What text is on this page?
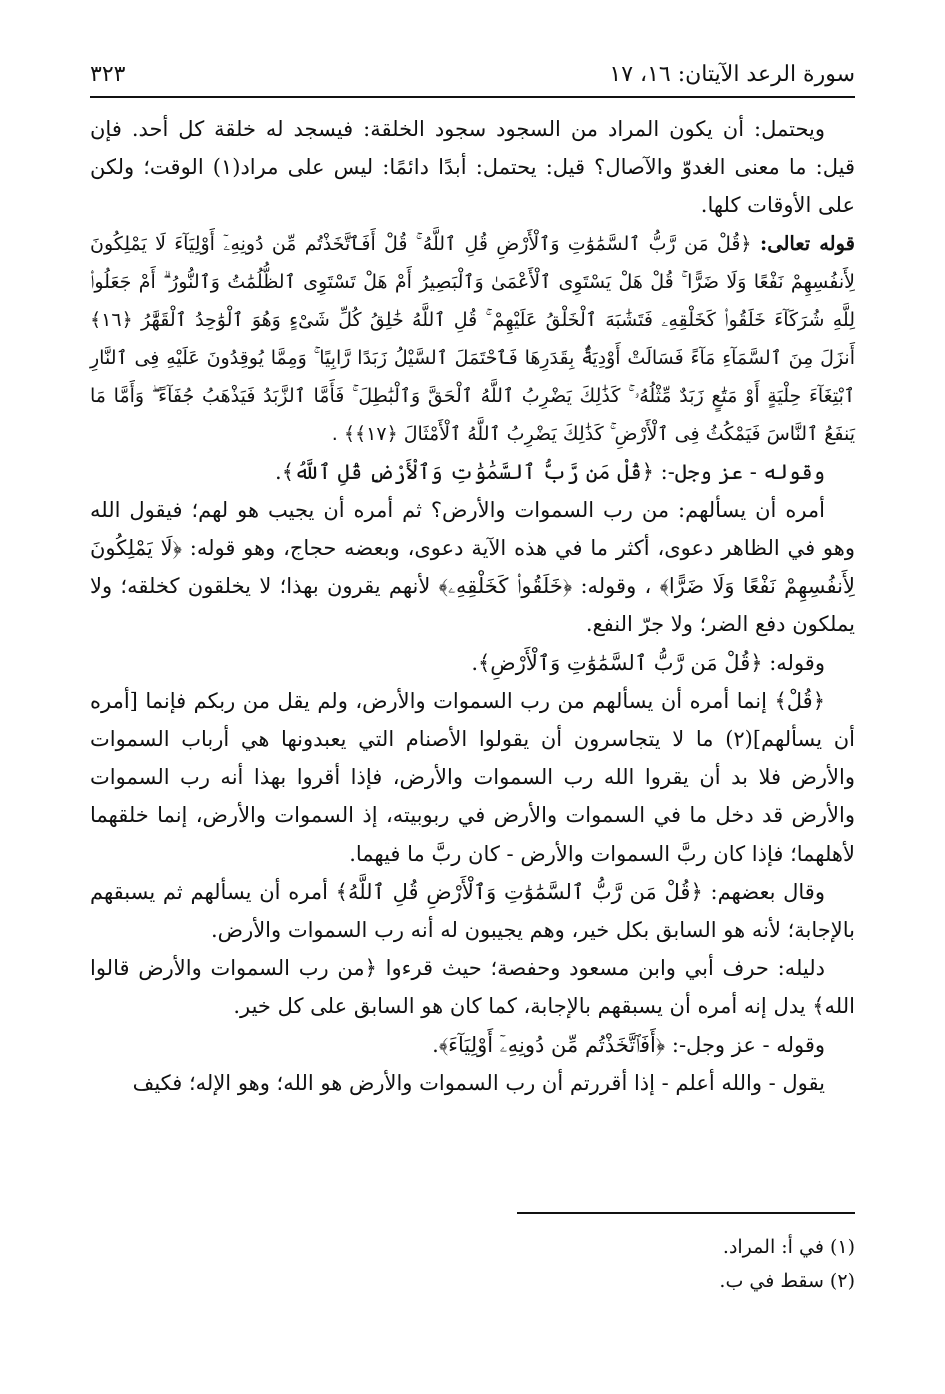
سورة الرعد الآيتان: ١٦، ١٧
٣٢٣

ويحتمل: أن يكون المراد من السجود سجود الخلقة: فيسجد له خلقة كل أحد. فإن قيل: ما معنى الغدوّ والآصال؟ قيل: يحتمل: أبدًا دائمًا: ليس على مراد(١) الوقت؛ ولكن على الأوقات كلها.

قوله تعالى: ﴿قُلْ مَن رَّبُّ ٱلسَّمَٰوَٰتِ وَٱلْأَرْضِ قُلِ ٱللَّهُ ۚ قُلْ أَفَٱتَّخَذْتُم مِّن دُونِهِۦٓ أَوْلِيَآءَ لَا يَمْلِكُونَ لِأَنفُسِهِمْ نَفْعًا وَلَا ضَرًّا ۚ قُلْ هَلْ يَسْتَوِى ٱلْأَعْمَىٰ وَٱلْبَصِيرُ أَمْ هَلْ تَسْتَوِى ٱلظُّلُمَٰتُ وَٱلنُّورُ ۗ أَمْ جَعَلُوا۟ لِلَّهِ شُرَكَآءَ خَلَقُوا۟ كَخَلْقِهِۦ فَتَشَٰبَهَ ٱلْخَلْقُ عَلَيْهِمْ ۚ قُلِ ٱللَّهُ خَٰلِقُ كُلِّ شَىْءٍ وَهُوَ ٱلْوَٰحِدُ ٱلْقَهَّٰرُ ﴿١٦﴾ أَنزَلَ مِنَ ٱلسَّمَآءِ مَآءً فَسَالَتْ أَوْدِيَةٌۢ بِقَدَرِهَا فَٱحْتَمَلَ ٱلسَّيْلُ زَبَدًا رَّابِيًا ۚ وَمِمَّا يُوقِدُونَ عَلَيْهِ فِى ٱلنَّارِ ٱبْتِغَآءَ حِلْيَةٍ أَوْ مَتَٰعٍ زَبَدٌ مِّثْلُهُۥ ۚ كَذَٰلِكَ يَضْرِبُ ٱللَّهُ ٱلْحَقَّ وَٱلْبَٰطِلَ ۚ فَأَمَّا ٱلزَّبَدُ فَيَذْهَبُ جُفَآءً ۖ وَأَمَّا مَا يَنفَعُ ٱلنَّاسَ فَيَمْكُثُ فِى ٱلْأَرْضِ ۚ كَذَٰلِكَ يَضْرِبُ ٱللَّهُ ٱلْأَمْثَالَ ﴿١٧﴾﴾ .

وقوله - عز وجل-: ﴿قُلْ مَن رَّبُّ ٱلسَّمَٰوَٰتِ وَٱلْأَرْضِ قُلِ ٱللَّهُ﴾.

أمره أن يسألهم: من رب السموات والأرض؟ ثم أمره أن يجيب هو لهم؛ فيقول الله وهو في الظاهر دعوى، أكثر ما في هذه الآية دعوى، وبعضه حجاج، وهو قوله: ﴿لَا يَمْلِكُونَ لِأَنفُسِهِمْ نَفْعًا وَلَا ضَرًّا﴾ ، وقوله: ﴿خَلَقُوا۟ كَخَلْقِهِۦ﴾ لأنهم يقرون بهذا؛ لا يخلقون كخلقه؛ ولا يملكون دفع الضر؛ ولا جرّ النفع.

وقوله: ﴿قُلْ مَن رَّبُّ ٱلسَّمَٰوَٰتِ وَٱلْأَرْضِ﴾.

﴿قُلْ﴾ إنما أمره أن يسألهم من رب السموات والأرض، ولم يقل من ربكم فإنما [أمره أن يسألهم](٢) ما لا يتجاسرون أن يقولوا الأصنام التي يعبدونها هي أرباب السموات والأرض فلا بد أن يقروا الله رب السموات والأرض، فإذا أقروا بهذا أنه رب السموات والأرض قد دخل ما في السموات والأرض في ربوبيته، إذ السموات والأرض، إنما خلقهما لأهلهما؛ فإذا كان ربَّ السموات والأرض - كان ربَّ ما فيهما.

وقال بعضهم: ﴿قُلْ مَن رَّبُّ ٱلسَّمَٰوَٰتِ وَٱلْأَرْضِ قُلِ ٱللَّهُ﴾ أمره أن يسألهم ثم يسبقهم بالإجابة؛ لأنه هو السابق بكل خير، وهم يجيبون له أنه رب السموات والأرض.

دليله: حرف أبي وابن مسعود وحفصة؛ حيث قرءوا ﴿من رب السموات والأرض قالوا الله﴾ يدل إنه أمره أن يسبقهم بالإجابة، كما كان هو السابق على كل خير.

وقوله - عز وجل-: ﴿أَفَٱتَّخَذْتُم مِّن دُونِهِۦٓ أَوْلِيَآءَ﴾.

يقول - والله أعلم - إذا أقررتم أن رب السموات والأرض هو الله؛ وهو الإله؛ فكيف

(١) في أ: المراد.
(٢) سقط في ب.
